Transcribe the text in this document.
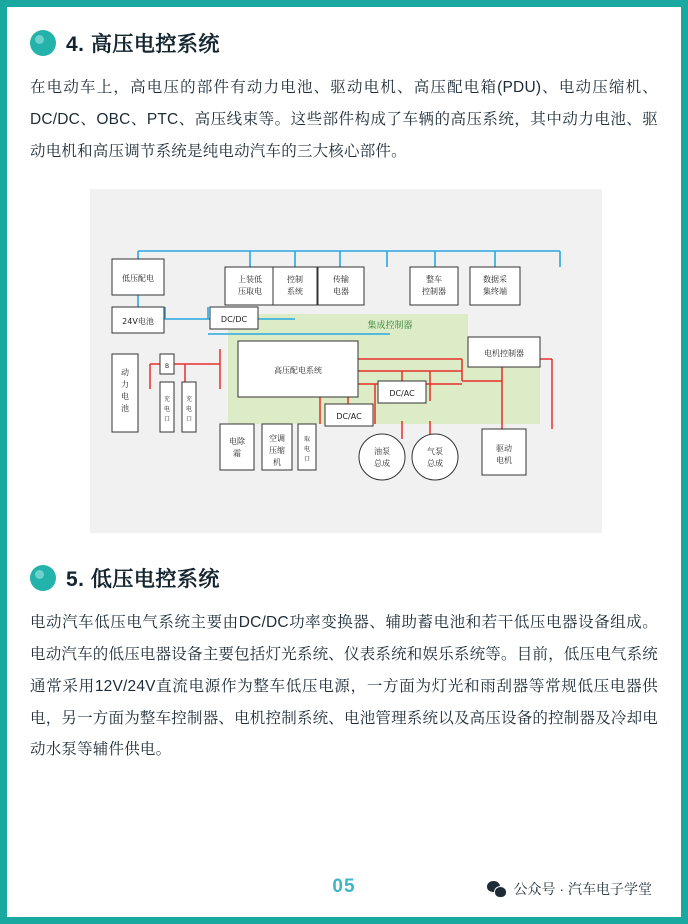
4. 高压电控系统

在电动车上，高电压的部件有动力电池、驱动电机、高压配电箱(PDU)、电动压缩机、DC/DC、OBC、PTC、高压线束等。这些部件构成了车辆的高压系统，其中动力电池、驱动电机和高压调节系统是纯电动汽车的三大核心部件。

集成控制器
低压配电	上装低
压取电
控制
系统
传输
电器
整车
控制器
数据采
集终端
24V电池	DC/DC
高压配电系统
电机控制器
动
力
电
池
B
充
电
口
充
电
口
电除
霜
空调
压缩
机
取
电
口
DC/AC
DC/AC
油泵
总成
气泵
总成
驱动
电机
5. 低压电控系统

电动汽车低压电气系统主要由DC/DC功率变换器、辅助蓄电池和若干低压电器设备组成。电动汽车的低压电器设备主要包括灯光系统、仪表系统和娱乐系统等。目前，低压电气系统通常采用12V/24V直流电源作为整车低压电源，一方面为灯光和雨刮器等常规低压电器供电，另一方面为整车控制器、电机控制系统、电池管理系统以及高压设备的控制器及冷却电动水泵等辅件供电。

05	公众号 · 汽车电子学堂
